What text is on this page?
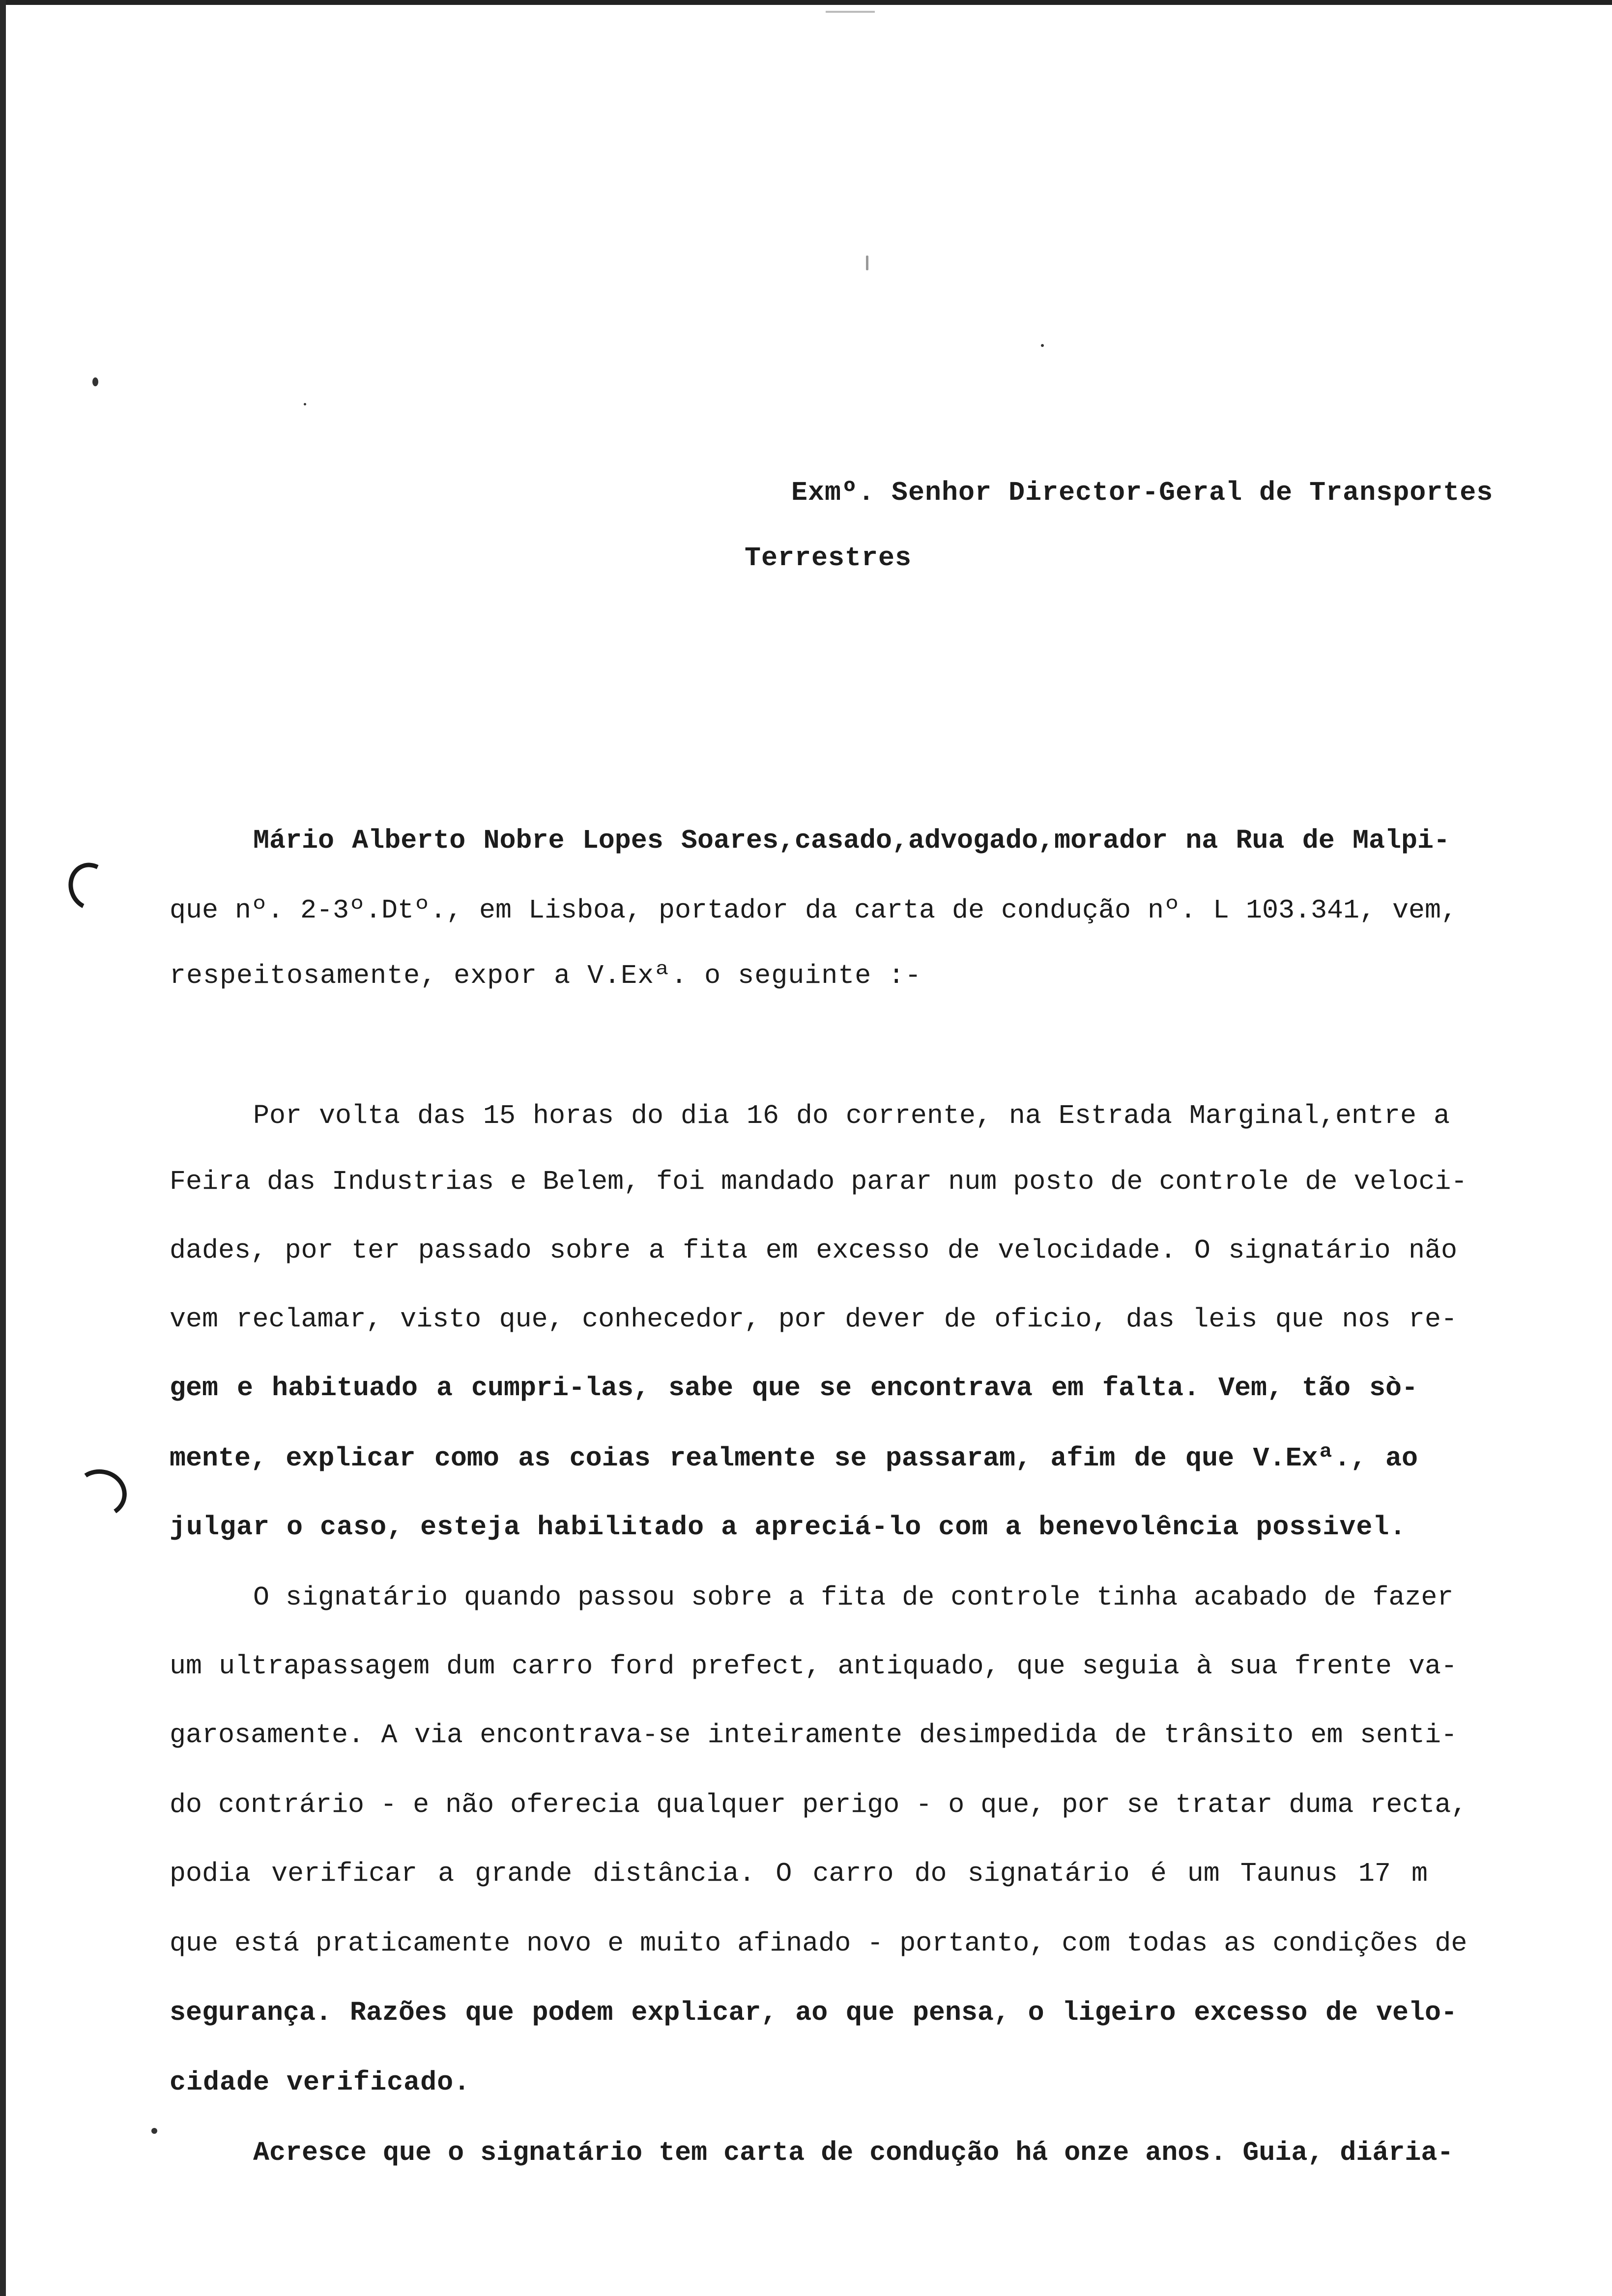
Exmº. Senhor Director-Geral de Transportes
Terrestres
Mário Alberto Nobre Lopes Soares,casado,advogado,morador na Rua de Malpi-
que nº. 2-3º.Dtº., em Lisboa, portador da carta de condução nº. L 103.341, vem,
respeitosamente, expor a V.Exª. o seguinte :-
Por volta das 15 horas do dia 16 do corrente, na Estrada Marginal,entre a
Feira das Industrias e Belem, foi mandado parar num posto de controle de veloci-
dades, por ter passado sobre a fita em excesso de velocidade. O signatário não
vem reclamar, visto que, conhecedor, por dever de oficio, das leis que nos re-
gem e habituado a cumpri-las, sabe que se encontrava em falta. Vem, tão sò-
mente, explicar como as coias realmente se passaram, afim de que V.Exª., ao
julgar o caso, esteja habilitado a apreciá-lo com a benevolência possivel.
O signatário quando passou sobre a fita de controle tinha acabado de fazer
um ultrapassagem dum carro ford prefect, antiquado, que seguia à sua frente va-
garosamente. A via encontrava-se inteiramente desimpedida de trânsito em senti-
do contrário - e não oferecia qualquer perigo - o que, por se tratar duma recta,
podia verificar a grande distância. O carro do signatário é um Taunus 17 m
que está praticamente novo e muito afinado - portanto, com todas as condições de
segurança. Razões que podem explicar, ao que pensa, o ligeiro excesso de velo-
cidade verificado.
Acresce que o signatário tem carta de condução há onze anos. Guia, diária-
